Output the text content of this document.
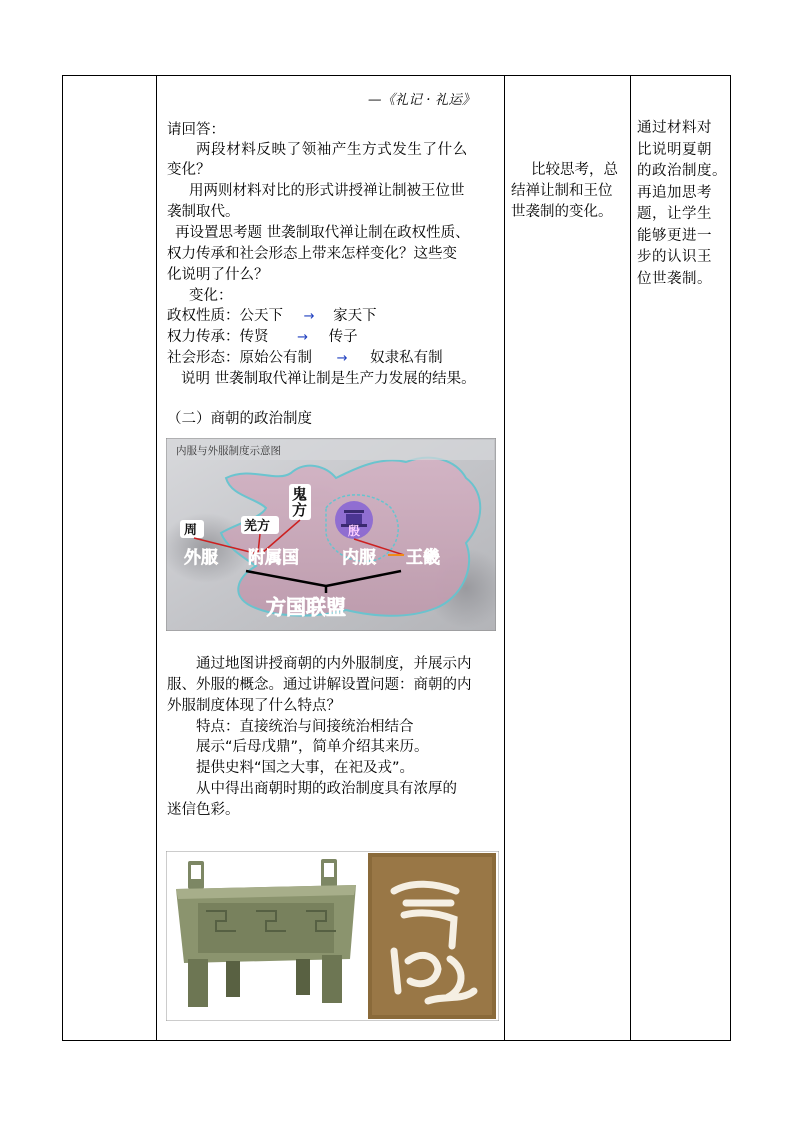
—《礼记 · 礼运》
请回答：
两段材料反映了领袖产生方式发生了什么
变化？
用两则材料对比的形式讲授禅让制被王位世
袭制取代。
再设置思考题 世袭制取代禅让制在政权性质、
权力传承和社会形态上带来怎样变化？这些变
化说明了什么？
变化：
政权性质：公天下 → 家天下
权力传承：传贤 → 传子
社会形态：原始公有制 → 奴隶私有制
说明 世袭制取代禅让制是生产力发展的结果。
（二）商朝的政治制度
通过地图讲授商朝的内外服制度，并展示内
服、外服的概念。通过讲解设置问题：商朝的内
外服制度体现了什么特点？
特点：直接统治与间接统治相结合
展示“后母戊鼎”，简单介绍其来历。
提供史料“国之大事，在祀及戎”。
从中得出商朝时期的政治制度具有浓厚的
迷信色彩。
内服与外服制度示意图
殷
鬼
方
羌方
周
外服 附属国	内服 王畿
方国联盟
比较思考，总
结禅让制和王位
世袭制的变化。
通过材料对
比说明夏朝
的政治制度。
再追加思考
题，让学生
能够更进一
步的认识王
位世袭制。
